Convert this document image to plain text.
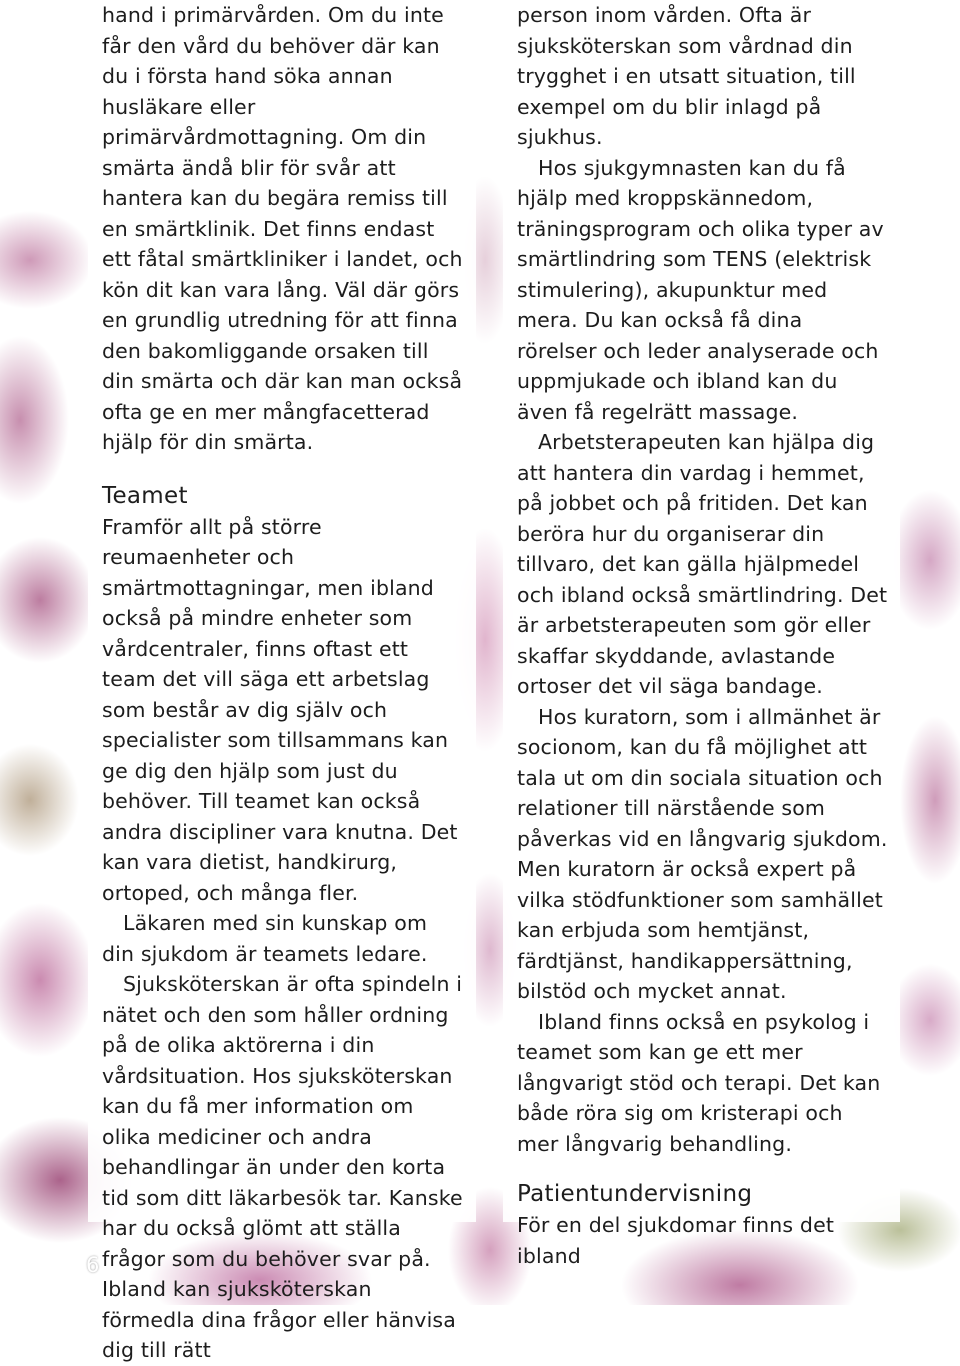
hand i primärvården. Om du inte får den vård du behöver där kan du i första hand söka annan husläkare eller primärvårdmottagning. Om din smärta ändå blir för svår att hantera kan du begära remiss till en smärtklinik. Det finns endast ett fåtal smärtkliniker i landet, och kön dit kan vara lång. Väl där görs en grundlig utredning för att finna den bakomliggande orsaken till din smärta och där kan man också ofta ge en mer mångfacetterad hjälp för din smärta.

Teamet

Framför allt på större reumaenheter och smärtmottagningar, men ibland också på mindre enheter som vårdcentraler, finns oftast ett team det vill säga ett arbetslag som består av dig själv och specialister som tillsammans kan ge dig den hjälp som just du behöver. Till teamet kan också andra discipliner vara knutna. Det kan vara dietist, handkirurg, ortoped, och många fler.

Läkaren med sin kunskap om din sjukdom är teamets ledare.

Sjuksköterskan är ofta spindeln i nätet och den som håller ordning på de olika aktörerna i din vårdsituation. Hos sjuksköterskan kan du få mer information om olika mediciner och andra behandlingar än under den korta tid som ditt läkarbesök tar. Kanske har du också glömt att ställa frågor som du behöver svar på. Ibland kan sjuksköterskan förmedla dina frågor eller hänvisa dig till rätt

person inom vården. Ofta är sjuksköterskan som vårdnad din trygghet i en utsatt situation, till exempel om du blir inlagd på sjukhus.

Hos sjukgymnasten kan du få hjälp med kroppskännedom, träningsprogram och olika typer av smärtlindring som TENS (elektrisk stimulering), akupunktur med mera. Du kan också få dina rörelser och leder analyserade och uppmjukade och ibland kan du även få regelrätt massage.

Arbetsterapeuten kan hjälpa dig att hantera din vardag i hemmet, på jobbet och på fritiden. Det kan beröra hur du organiserar din tillvaro, det kan gälla hjälpmedel och ibland också smärtlindring. Det är arbetsterapeuten som gör eller skaffar skyddande, avlastande ortoser det vil säga bandage.

Hos kuratorn, som i allmänhet är socionom, kan du få möjlighet att tala ut om din sociala situation och relationer till närstående som påverkas vid en långvarig sjukdom. Men kuratorn är också expert på vilka stödfunktioner som samhället kan erbjuda som hemtjänst, färdtjänst, handikappersättning, bilstöd och mycket annat.

Ibland finns också en psykolog i teamet som kan ge ett mer långvarigt stöd och terapi. Det kan både röra sig om kristerapi och mer långvarig behandling.

Patientundervisning

För en del sjukdomar finns det ibland

6
